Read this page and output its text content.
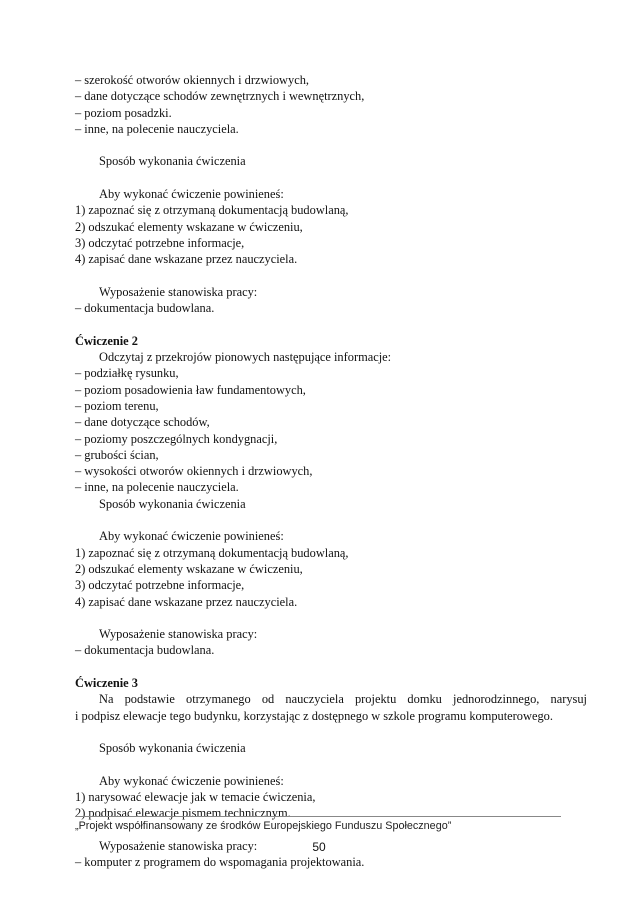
– szerokość otworów okiennych i drzwiowych,
– dane dotyczące schodów zewnętrznych i wewnętrznych,
– poziom posadzki.
– inne, na polecenie nauczyciela.
Sposób wykonania ćwiczenia
Aby wykonać ćwiczenie powinieneś:
1) zapoznać się z otrzymaną dokumentacją budowlaną,
2) odszukać elementy wskazane w ćwiczeniu,
3) odczytać potrzebne informacje,
4) zapisać dane wskazane przez nauczyciela.
Wyposażenie stanowiska pracy:
– dokumentacja budowlana.
Ćwiczenie 2
Odczytaj z przekrojów pionowych następujące informacje:
– podziałkę rysunku,
– poziom posadowienia ław fundamentowych,
– poziom terenu,
– dane dotyczące schodów,
– poziomy poszczególnych kondygnacji,
– grubości ścian,
– wysokości otworów okiennych i drzwiowych,
– inne, na polecenie nauczyciela.
Sposób wykonania ćwiczenia
Aby wykonać ćwiczenie powinieneś:
1) zapoznać się z otrzymaną dokumentacją budowlaną,
2) odszukać elementy wskazane w ćwiczeniu,
3) odczytać potrzebne informacje,
4) zapisać dane wskazane przez nauczyciela.
Wyposażenie stanowiska pracy:
– dokumentacja budowlana.
Ćwiczenie 3
Na podstawie otrzymanego od nauczyciela projektu domku jednorodzinnego, narysuj
i podpisz elewacje tego budynku, korzystając z dostępnego w szkole programu komputerowego.
Sposób wykonania ćwiczenia
Aby wykonać ćwiczenie powinieneś:
1) narysować elewacje jak w temacie ćwiczenia,
2) podpisać elewacje pismem technicznym.
Wyposażenie stanowiska pracy:
– komputer z programem do wspomagania projektowania.
„Projekt współfinansowany ze środków Europejskiego Funduszu Społecznego”
50
